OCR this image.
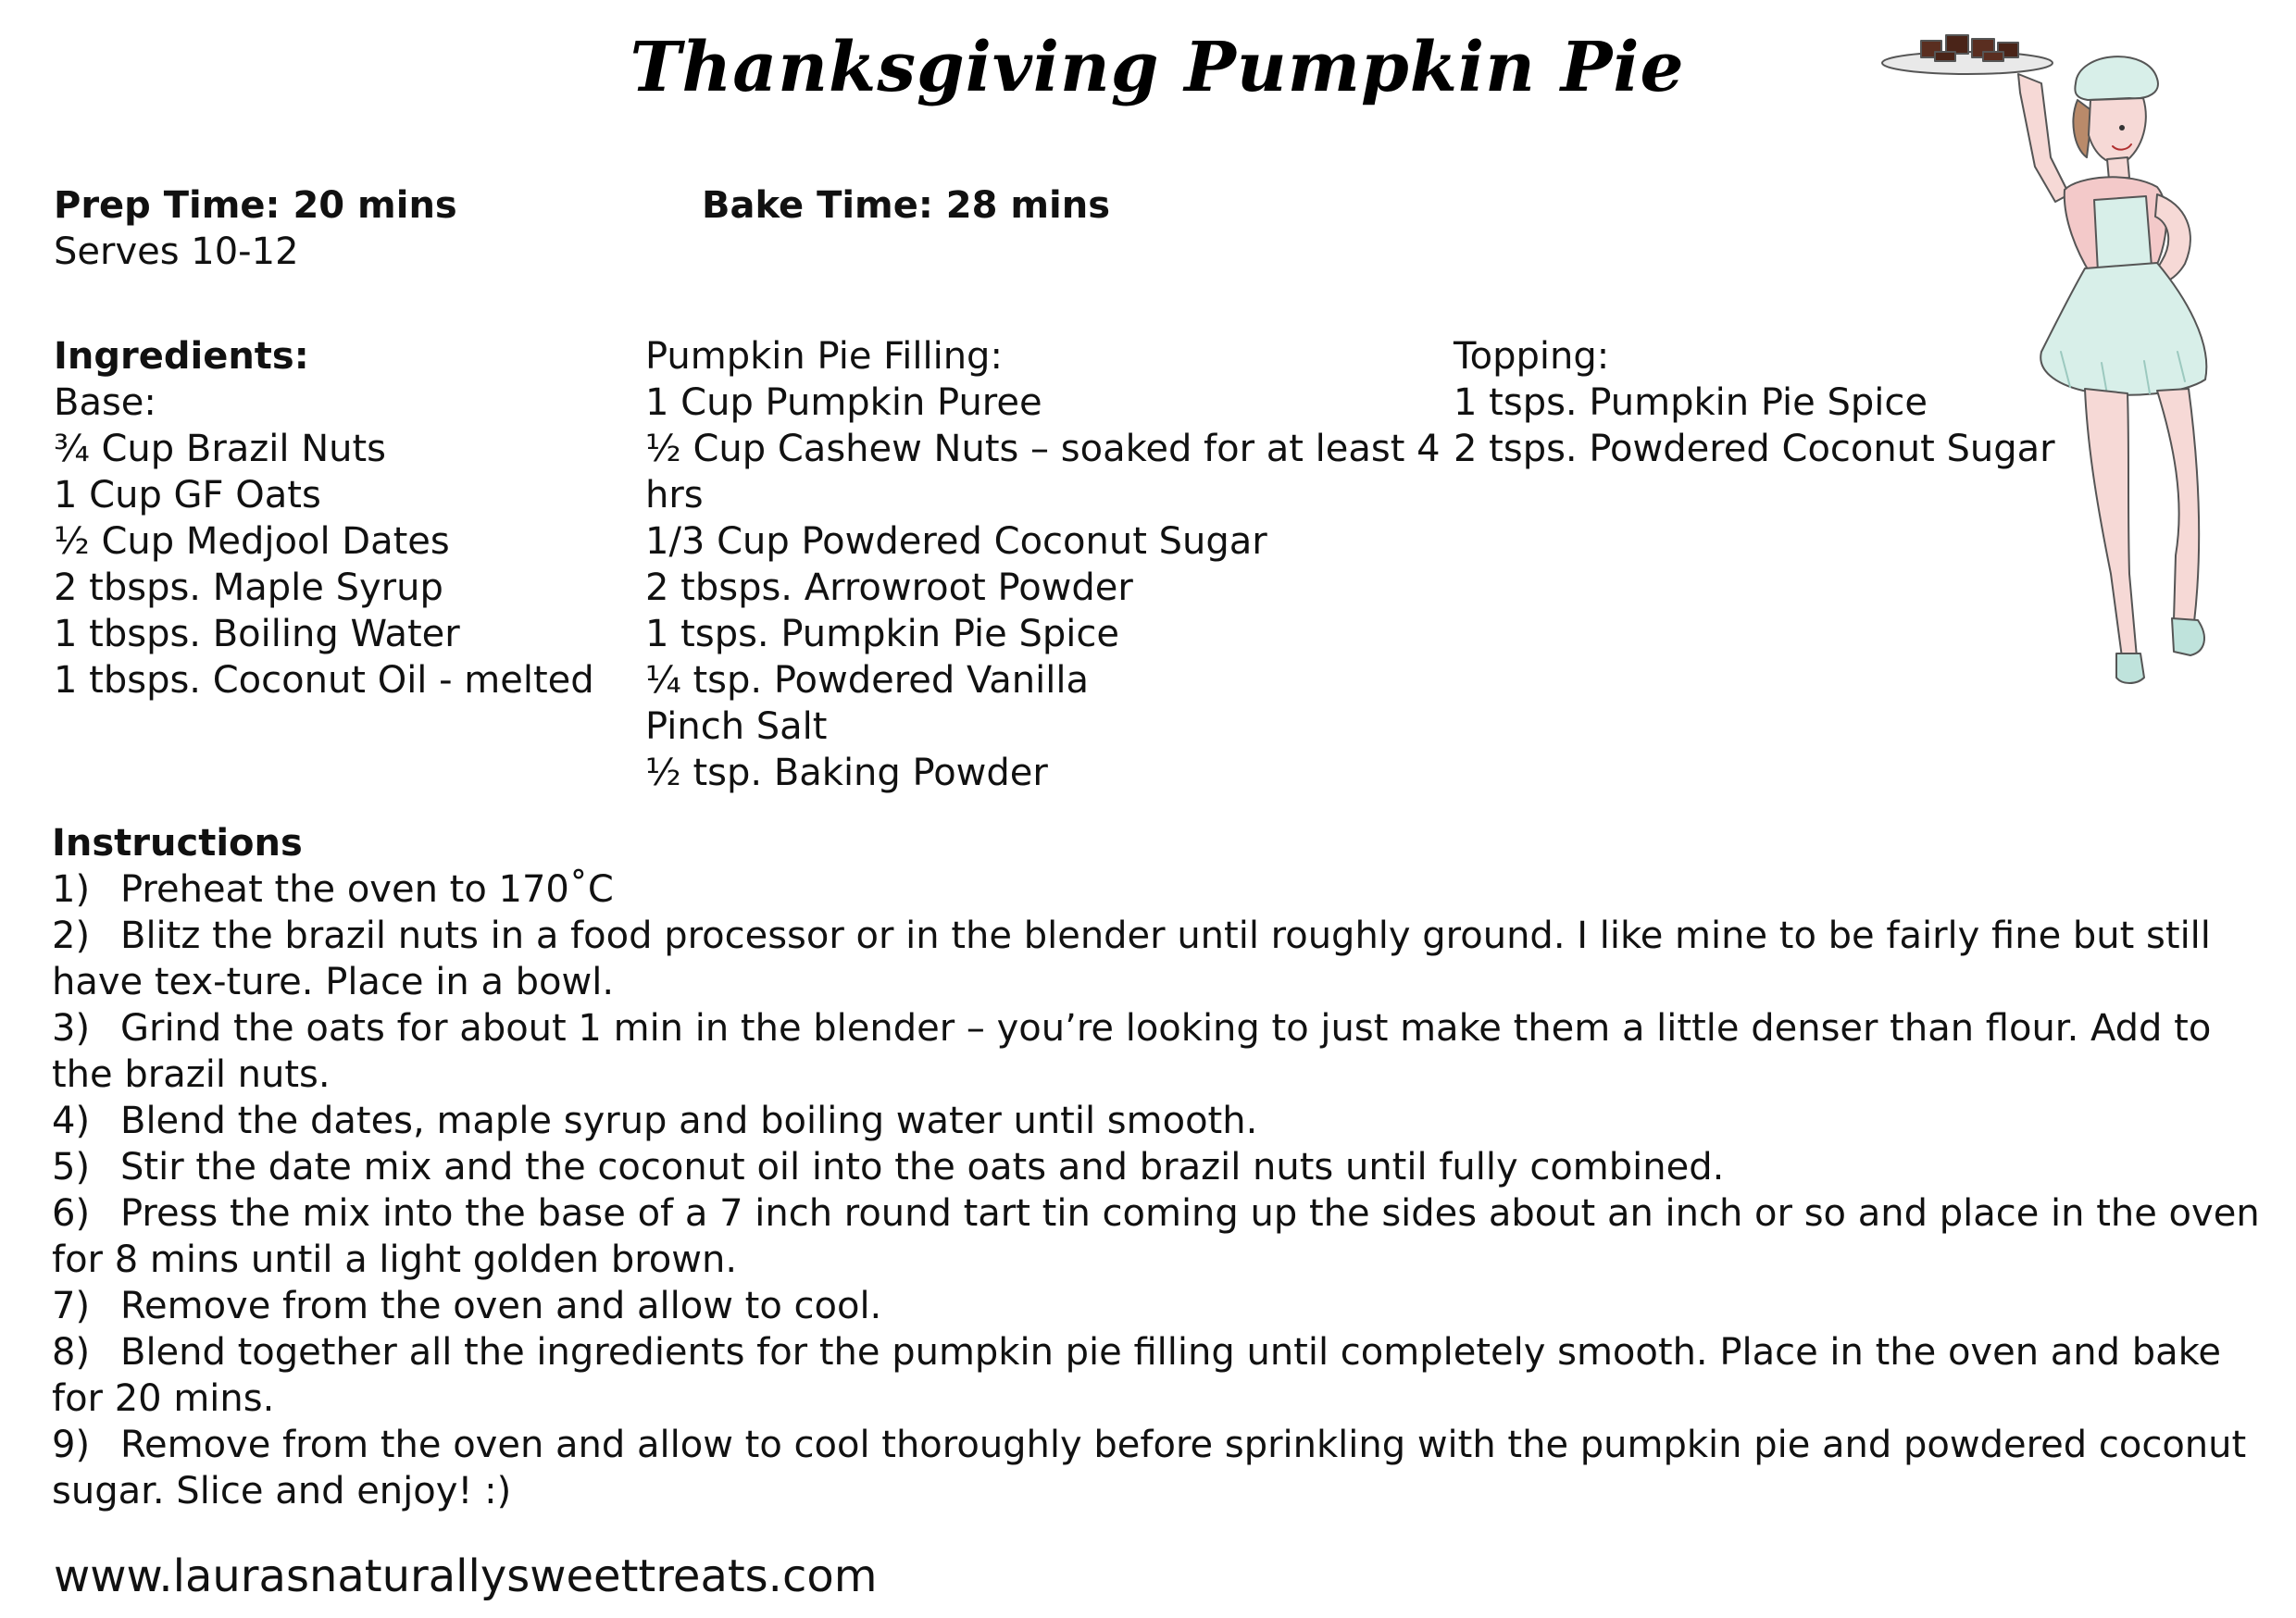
Thanksgiving Pumpkin Pie
Prep Time: 20 mins	Bake Time: 28 mins
Serves 10-12
Ingredients:
Base:
¾ Cup Brazil Nuts
1 Cup GF Oats
½ Cup Medjool Dates
2 tbsps. Maple Syrup
1 tbsps. Boiling Water
1 tbsps. Coconut Oil - melted
Pumpkin Pie Filling:
1 Cup Pumpkin Puree
½ Cup Cashew Nuts – soaked for at least 4
hrs
1/3 Cup Powdered Coconut Sugar
2 tbsps. Arrowroot Powder
1 tsps. Pumpkin Pie Spice
¼ tsp. Powdered Vanilla
Pinch Salt
½ tsp. Baking Powder
Topping:
1 tsps. Pumpkin Pie Spice
2 tsps. Powdered Coconut Sugar
Instructions
1) Preheat the oven to 170˚C
2) Blitz the brazil nuts in a food processor or in the blender until roughly ground. I like mine to be fairly fine but still have tex-ture. Place in a bowl.
3) Grind the oats for about 1 min in the blender – you’re looking to just make them a little denser than flour. Add to the brazil nuts.
4) Blend the dates, maple syrup and boiling water until smooth.
5) Stir the date mix and the coconut oil into the oats and brazil nuts until fully combined.
6) Press the mix into the base of a 7 inch round tart tin coming up the sides about an inch or so and place in the oven for 8 mins until a light golden brown.
7) Remove from the oven and allow to cool.
8) Blend together all the ingredients for the pumpkin pie filling until completely smooth. Place in the oven and bake for 20 mins.
9) Remove from the oven and allow to cool thoroughly before sprinkling with the pumpkin pie and powdered coconut sugar. Slice and enjoy! :)
www.laurasnaturallysweettreats.com
